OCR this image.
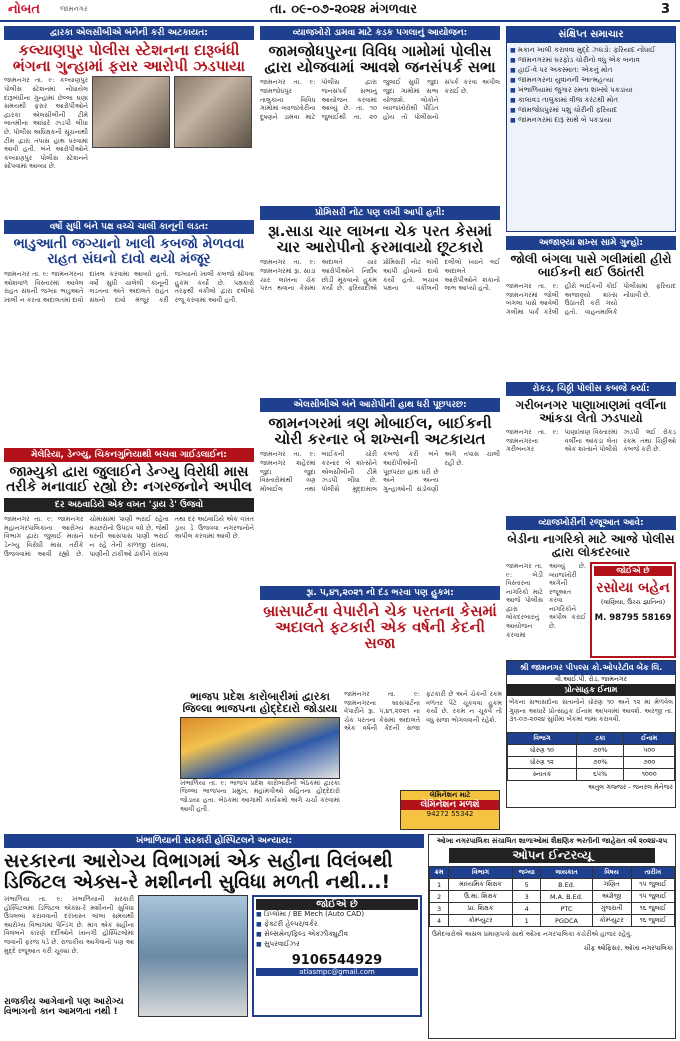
નોબત	જામનગર	તા. ૦૯-૦૭-૨૦૨૪ મંગળવાર	3
દ્વારકા એલસીબીએ બંનેની કરી અટકાયત:
કલ્યાણપુર પોલીસ સ્ટેશનના દારૂબંધી ભંગના ગુન્હામાં ફરાર આરોપી ઝડપાયા
જામનગર તા. ૯: કલ્યાણપુર પોલીસ સ્ટેશનમાં નોંધાયેલ દારૂબંધીના ગુન્હામાં છેલ્લા ઘણા સમયથી ફરાર આરોપીઓને દ્વારકા એલસીબીની ટીમે બાતમીના આધારે ઝડપી લીધા છે. પોલીસ અધિક્ષકની સૂચનાથી ટીમ દ્વારા તપાસ હાથ ધરવામાં આવી હતી. બંને આરોપીઓને કલ્યાણપુર પોલીસ સ્ટેશનને સોંપવામાં આવ્યા છે.
વર્ષો સુધી બંને પક્ષ વચ્ચે ચાલી કાનૂની લડત:
ભાડુઆતી જગ્યાનો ખાલી કબજો મેળવવા રાહત સંઘનો દાવો થયો મંજૂર
જામનગર તા. ૯: જામનગરના ઓશવાળ વિસ્તારમાં આવેલ રાહત સંઘની જગ્યા ભાડુઆતે ખાલી ન કરતા અદાલતમાં દાવો દાખલ કરવામાં આવ્યો હતો. વર્ષો સુધી ચાલેલી કાનૂની લડતના અંતે અદાલતે રાહત સંઘનો દાવો મંજૂર કરી જગ્યાનો ખાલી કબજો સોંપવા હુકમ કર્યો છે. પક્ષકારો તરફથી વકીલો દ્વારા દલીલો રજૂ કરવામાં આવી હતી.
મેલેરિયા, ડેન્ગ્યુ, ચિકનગુનિયાથી બચવા ગાઈડલાઈન:
જામ્યુકો દ્વારા જુલાઈને ડેન્ગ્યુ વિરોધી માસ તરીકે મનાવાઈ રહ્યો છે: નગરજનોને અપીલ
દર અઠવાડિયે એક વખત 'ડ્રાય ડે' ઉજવો
જામનગર તા. ૯: જામનગર મહાનગરપાલિકાના આરોગ્ય વિભાગ દ્વારા જુલાઈ માસને ડેન્ગ્યુ વિરોધી માસ તરીકે ઉજવવામાં આવી રહ્યો છે. ચોમાસામાં પાણી ભરાઈ રહેતા મચ્છરોનો ઉપદ્રવ વધે છે, જેથી ઘરની આસપાસ પાણી ભરાઈ ન રહે તેની કાળજી રાખવા, પાણીની ટાંકીઓ ઢાંકીને રાખવા તથા દર અઠવાડિયે એક વખત ડ્રાય ડે ઉજવવા નગરજનોને અપીલ કરવામાં આવી છે.
વ્યાજખોરો ડામવા માટે કડક પગલાનું આયોજન:
જામજોધપુરના વિવિધ ગામોમાં પોલીસ દ્વારા યોજવામાં આવશે જનસંપર્ક સભા
જામનગર તા. ૯: જામજોધપુર તાલુકાના વિવિધ ગામોમાં વ્યાજખોરીના દૂષણને ડામવા માટે પોલીસ દ્વારા જનસંપર્ક સભાનું આયોજન કરવામાં આવ્યું છે. તા. ૧૦ જુલાઈથી તા. ૨૦ જુલાઈ સુધી જુદા જુદા ગામોમાં સભા યોજાશે. લોકોને વ્યાજખોરોથી પીડિત હોય તો પોલીસનો સંપર્ક કરવા અપીલ કરાઈ છે.
પ્રોમિસરી નોટ પણ લખી આપી હતી:
રૂા.સાડા ચાર લાખના ચેક પરત કેસમાં ચાર આરોપીનો ફરમાવાયો છૂટકારો
જામનગર તા. ૯: જામનગરમાં રૂા. સાડા ચાર લાખના ચેક પરત થવાના કેસમાં અદાલતે ચાર આરોપીઓને નિર્દોષ છોડી મૂકવાનો હુકમ કર્યો છે. ફરિયાદીએ પ્રોમિસરી નોટ લખી આપી હોવાનો દાવો કર્યો હતો. બચાવ પક્ષના વકીલની દલીલો ધ્યાને લઈ અદાલતે આરોપીઓને શંકાનો લાભ આપ્યો હતો.
એલસીબીએ બંને આરોપીની હાથ ધરી પૂછપરછ:
જામનગરમાં ત્રણ મોબાઈલ, બાઈકની ચોરી કરનાર બે શખ્સની અટકાયત
જામનગર તા. ૯: જામનગર શહેરમાં જુદા જુદા વિસ્તારોમાંથી ત્રણ મોબાઈલ તથા બાઈકની ચોરી કરનાર બે શખ્સોને એલસીબીની ટીમે ઝડપી લીધા છે. પોલીસે મુદ્દામાલ કબજે કરી બંને આરોપીઓની પૂછપરછ હાથ ધરી છે અને અન્ય ગુન્હાઓની સંડોવણી અંગે તપાસ ચાલી રહી છે.
રૂા. ૫,૪૧,૨૦૨૧ નો દંડ ભરવા પણ હુકમ:
બ્રાસપાર્ટના વેપારીને ચેક પરતના કેસમાં અદાલતે ફટકારી એક વર્ષની કેદની સજા
ભાજપ પ્રદેશ કારોબારીમાં દ્વારકા જિલ્લા ભાજપના હોદ્દેદારો જોડાયા
ખંભાળિયા તા. ૯: ભાજપ પ્રદેશ કારોબારીની બેઠકમાં દ્વારકા જિલ્લા ભાજપના પ્રમુખ, મહામંત્રીઓ સહિતના હોદ્દેદારો જોડાયા હતા. બેઠકમાં આગામી કાર્યક્રમો અંગે ચર્ચા કરવામાં આવી હતી.
જામનગર તા. ૯: જામનગરના બ્રાસપાર્ટના વેપારીને રૂા. ૫,૪૧,૨૦૨૧ ના ચેક પરતના કેસમાં અદાલતે એક વર્ષની કેદની સજા ફટકારી છે અને ચેકની રકમ વળતર પેટે ચૂકવવા હુકમ કર્યો છે. રકમ ન ચૂકવે તો વધુ સજા ભોગવવાની રહેશે.
સંક્ષિપ્ત સમાચાર
■ મકાન ખાલી કરાવવા મુદ્દે ઝઘડો: ફરિયાદ નોંધાઈ
■ જામનગરમાં ઘરફોડ ચોરીનો વધુ એક બનાવ
■ હાઈ-વે પર અકસ્માત: એકનું મોત
■ જામનગરના યુવાનની આત્મહત્યા
■ ખંભાળિયામાં જુગાર રમતા શખ્સો પકડાયા
■ કાલાવડ તાલુકામાં વીજ કરંટથી મોત
■ જામજોધપુરમાં પશુ ચોરીની ફરિયાદ
■ જામનગરમાં દારૂ સાથે બે પકડાયા
અજાણ્યા શખ્સ સામે ગુન્હો:
જોલી બંગલા પાસે ગલીમાંથી હીરો બાઈકની થઈ ઉઠાંતરી
જામનગર તા. ૯: જામનગરમાં જોલી બંગલા પાસે આવેલી ગલીમાં પાર્ક કરેલી હીરો બાઈકની કોઈ અજાણ્યો શખ્સ ઉઠાંતરી કરી ગયો હતો. વાહનમાલિકે પોલીસમાં ફરિયાદ નોંધાવી છે.
રોકડ, ચિઠ્ઠી પોલીસ કબજે કર્યા:
ગરીબનગર પાણાખાણમાં વર્લીના આંકડા લેતો ઝડપાયો
જામનગર તા. ૯: જામનગરના ગરીબનગર પાણાખાણ વિસ્તારમાં વર્લીના આંકડા લેતા એક શખ્સને પોલીસે ઝડપી લઈ રોકડ રકમ તથા ચિઠ્ઠીઓ કબજે કરી છે.
વ્યાજખોરીની રજૂઆત આવે:
બેડીના નાગરિકો માટે આજે પોલીસ દ્વારા લોકદરબાર
જામનગર તા. ૯: બેડી વિસ્તારના નાગરિકો માટે આજે પોલીસ દ્વારા લોકદરબારનું આયોજન કરવામાં આવ્યું છે. વ્યાજખોરી અંગેની રજૂઆત કરવા નાગરિકોને અપીલ કરાઈ છે.
જોઈએ છે
રસોયા બહેન
(વાણિયા, ઉચ્ચ જ્ઞાતિના)
M. 98795 58169
શ્રી જામનગર પીપલ્સ કો.ઓપરેટીવ બેંક લિ.
વી.આઈ.પી. રોડ, જામનગર
પ્રોત્સાહક ઈનામ
બેંકના સભાસદોના સંતાનોને ધોરણ ૧૦ અને ૧૨ માં મેળવેલ ગુણના આધારે પ્રોત્સાહક ઈનામ આપવામાં આવશે. અરજી તા. ૩૧-૦૭-૨૦૨૪ સુધીમાં બેંકમાં જમા કરાવવી.
વિભાગ	ટકા	ઈનામ
ધોરણ ૧૦	૭૦%	૫૦૦
ધોરણ ૧૨	૭૦%	૭૦૦
સ્નાતક	૬૫%	૧૦૦૦
અતુલ ગજ્જર - જનરલ મેનેજર
લેમિનેશન માટે
લેમિનેશન મળશે
94272 55342
ખંભાળિયાની સરકારી હોસ્પિટલને અન્યાય:
સરકારના આરોગ્ય વિભાગમાં એક સહીના વિલંબથી ડિજિટલ એક્સ-રે મશીનની સુવિધા મળતી નથી...!
ખંભાળિયા તા. ૯: ખંભાળિયાની સરકારી હોસ્પિટલમાં ડિજિટલ એક્સ-રે મશીનની સુવિધા ઉપલબ્ધ કરાવવાની દરખાસ્ત લાંબા સમયથી આરોગ્ય વિભાગમાં પેન્ડિંગ છે. માત્ર એક સહીના વિલંબને કારણે દર્દીઓને ખાનગી હોસ્પિટલોમાં જવાની ફરજ પડે છે. રાજકીય આગેવાનો પણ આ મુદ્દે રજૂઆત કરી ચૂક્યા છે.
રાજકીય આગેવાનો પણ આરોગ્ય વિભાગનો કાન આમળતા નથી !
જોઈએ છે
■ ડિપ્લોમા / BE Mech (Auto CAD)
■ ફેક્ટરી હેલ્પર/વર્કર
■ સેલ્સમેન/ફિલ્ડ એક્ઝીક્યુટીવ
■ સુપરવાઈઝર
9106544929
atlasmpc@gmail.com
ઓખા નગરપાલિકા સંચાલિત શાળાઓમાં શૈક્ષણિક ભરતીની જાહેરાત વર્ષ ૨૦૨૪-૨૫
ઓપન ઈન્ટરવ્યૂ
ક્રમ	વિભાગ	જગ્યા	લાયકાત	વિષય	તારીખ
1	માધ્યમિક શિક્ષક	5	B.Ed.	ગણિત	૧૫ જુલાઈ
2	ઉ.મા. શિક્ષક	3	M.A. B.Ed.	અંગ્રેજી	૧૫ જુલાઈ
3	પ્રા. શિક્ષક	4	PTC	ગુજરાતી	૧૬ જુલાઈ
4	કોમ્પ્યુટર	1	PGDCA	કોમ્પ્યુટર	૧૬ જુલાઈ
ઉમેદવારોએ અસલ પ્રમાણપત્રો સાથે ઓખા નગરપાલિકા કચેરીએ હાજર રહેવું.
ચીફ ઓફિસર, ઓખા નગરપાલિકા
